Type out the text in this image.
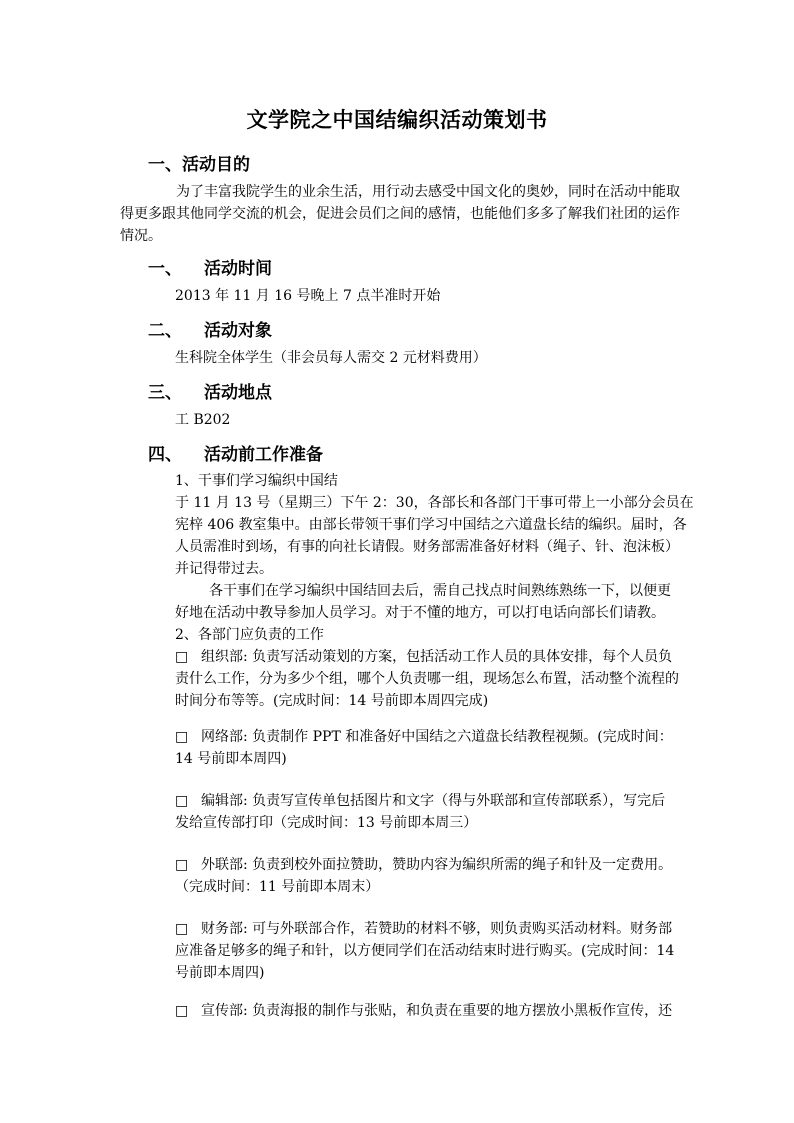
文学院之中国结编织活动策划书
一、活动目的
为了丰富我院学生的业余生活，用行动去感受中国文化的奥妙，同时在活动中能取
得更多跟其他同学交流的机会，促进会员们之间的感情，也能他们多多了解我们社团的运作
情况。
一、 活动时间
2013 年 11 月 16 号晚上 7 点半准时开始
二、 活动对象
生科院全体学生（非会员每人需交 2 元材料费用）
三、 活动地点
工 B202
四、 活动前工作准备
1、干事们学习编织中国结
于 11 月 13 号（星期三）下午 2：30，各部长和各部门干事可带上一小部分会员在
宪梓 406 教室集中。由部长带领干事们学习中国结之六道盘长结的编织。届时，各
人员需准时到场，有事的向社长请假。财务部需准备好材料（绳子、针、泡沫板）
并记得带过去。
各干事们在学习编织中国结回去后，需自己找点时间熟练熟练一下，以便更
好地在活动中教导参加人员学习。对于不懂的地方，可以打电话向部长们请教。
2、各部门应负责的工作
□ 组织部: 负责写活动策划的方案，包括活动工作人员的具体安排，每个人员负
责什么工作，分为多少个组，哪个人负责哪一组，现场怎么布置，活动整个流程的
时间分布等等。(完成时间：14 号前即本周四完成)
□ 网络部: 负责制作 PPT 和准备好中国结之六道盘长结教程视频。(完成时间：
14 号前即本周四)
□ 编辑部: 负责写宣传单包括图片和文字（得与外联部和宣传部联系），写完后
发给宣传部打印（完成时间：13 号前即本周三）
□ 外联部: 负责到校外面拉赞助，赞助内容为编织所需的绳子和针及一定费用。
（完成时间：11 号前即本周末）
□ 财务部: 可与外联部合作，若赞助的材料不够，则负责购买活动材料。财务部
应准备足够多的绳子和针，以方便同学们在活动结束时进行购买。(完成时间：14
号前即本周四)
□ 宣传部: 负责海报的制作与张贴，和负责在重要的地方摆放小黑板作宣传，还
